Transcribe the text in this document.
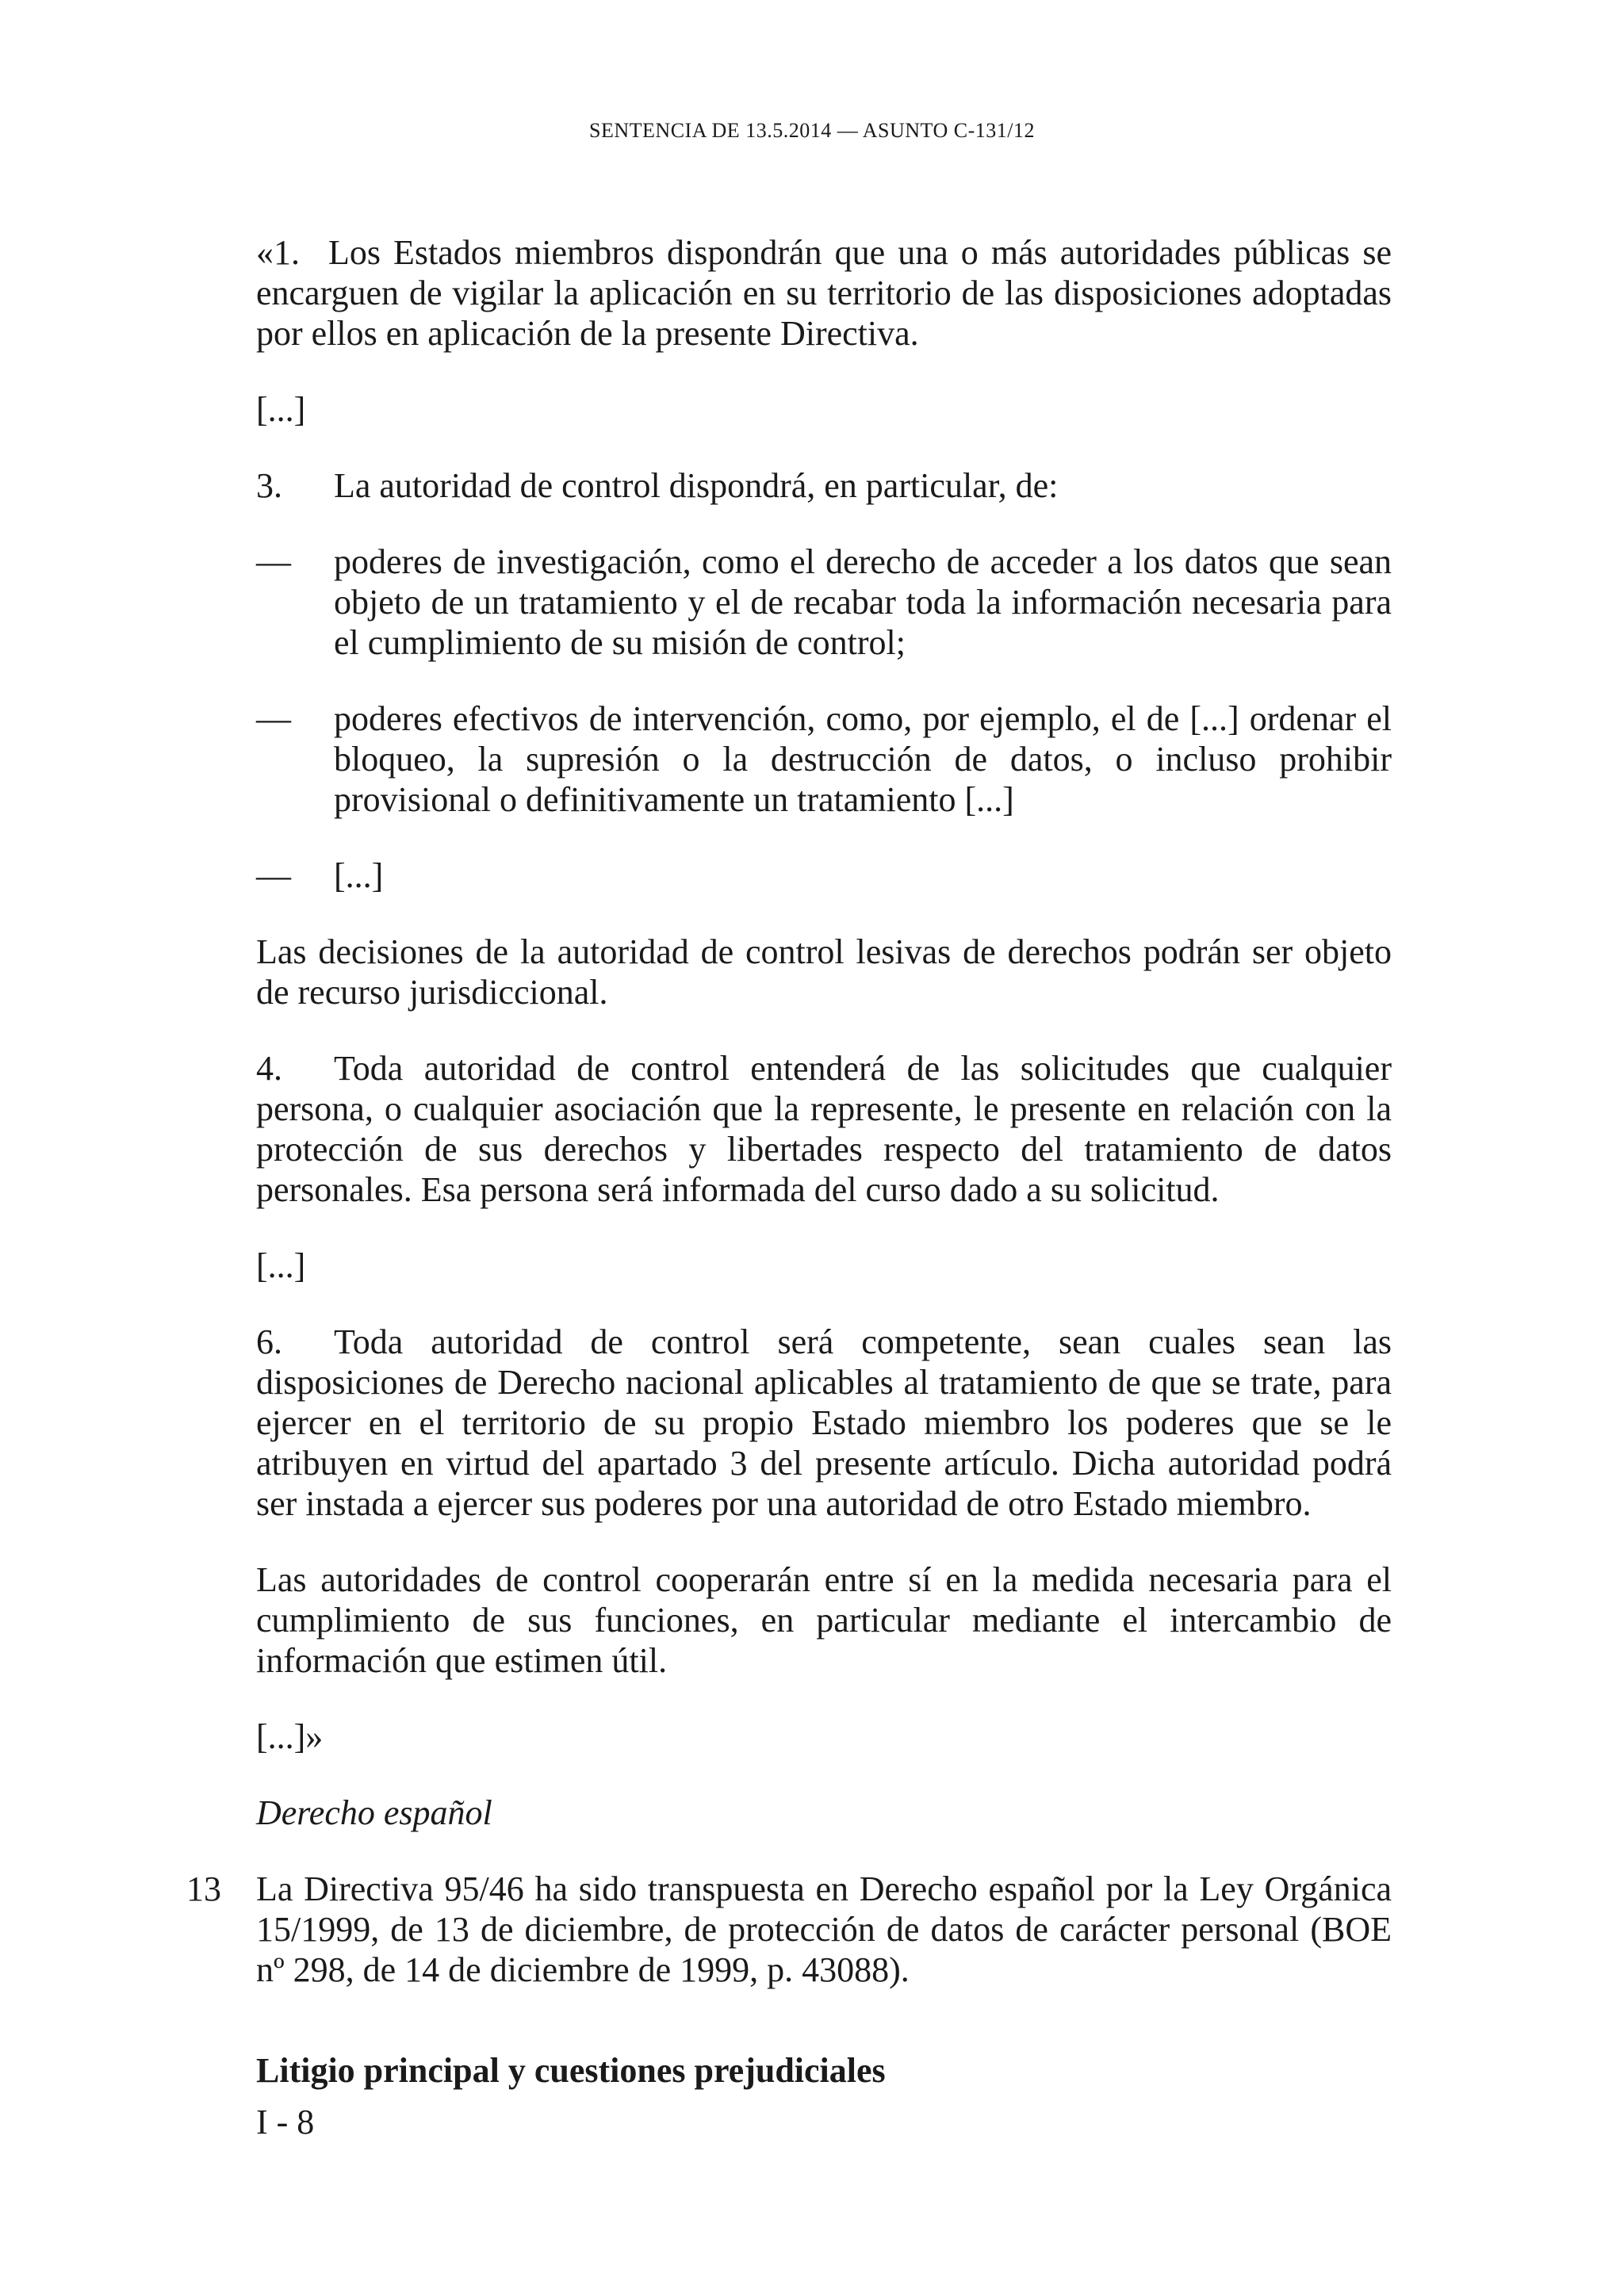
SENTENCIA DE 13.5.2014 — ASUNTO C-131/12

«1. Los Estados miembros dispondrán que una o más autoridades públicas se encarguen de vigilar la aplicación en su territorio de las disposiciones adoptadas por ellos en aplicación de la presente Directiva.

[...]

3. La autoridad de control dispondrá, en particular, de:

— poderes de investigación, como el derecho de acceder a los datos que sean objeto de un tratamiento y el de recabar toda la información necesaria para el cumplimiento de su misión de control;
— poderes efectivos de intervención, como, por ejemplo, el de [...] ordenar el bloqueo, la supresión o la destrucción de datos, o incluso prohibir provisional o definitivamente un tratamiento [...]
— [...]

Las decisiones de la autoridad de control lesivas de derechos podrán ser objeto de recurso jurisdiccional.

4. Toda autoridad de control entenderá de las solicitudes que cualquier persona, o cualquier asociación que la represente, le presente en relación con la protección de sus derechos y libertades respecto del tratamiento de datos personales. Esa persona será informada del curso dado a su solicitud.

[...]

6. Toda autoridad de control será competente, sean cuales sean las disposiciones de Derecho nacional aplicables al tratamiento de que se trate, para ejercer en el territorio de su propio Estado miembro los poderes que se le atribuyen en virtud del apartado 3 del presente artículo. Dicha autoridad podrá ser instada a ejercer sus poderes por una autoridad de otro Estado miembro.

Las autoridades de control cooperarán entre sí en la medida necesaria para el cumplimiento de sus funciones, en particular mediante el intercambio de información que estimen útil.

[...]»

Derecho español

13 La Directiva 95/46 ha sido transpuesta en Derecho español por la Ley Orgánica 15/1999, de 13 de diciembre, de protección de datos de carácter personal (BOE nº 298, de 14 de diciembre de 1999, p. 43088).

Litigio principal y cuestiones prejudiciales

I - 8
